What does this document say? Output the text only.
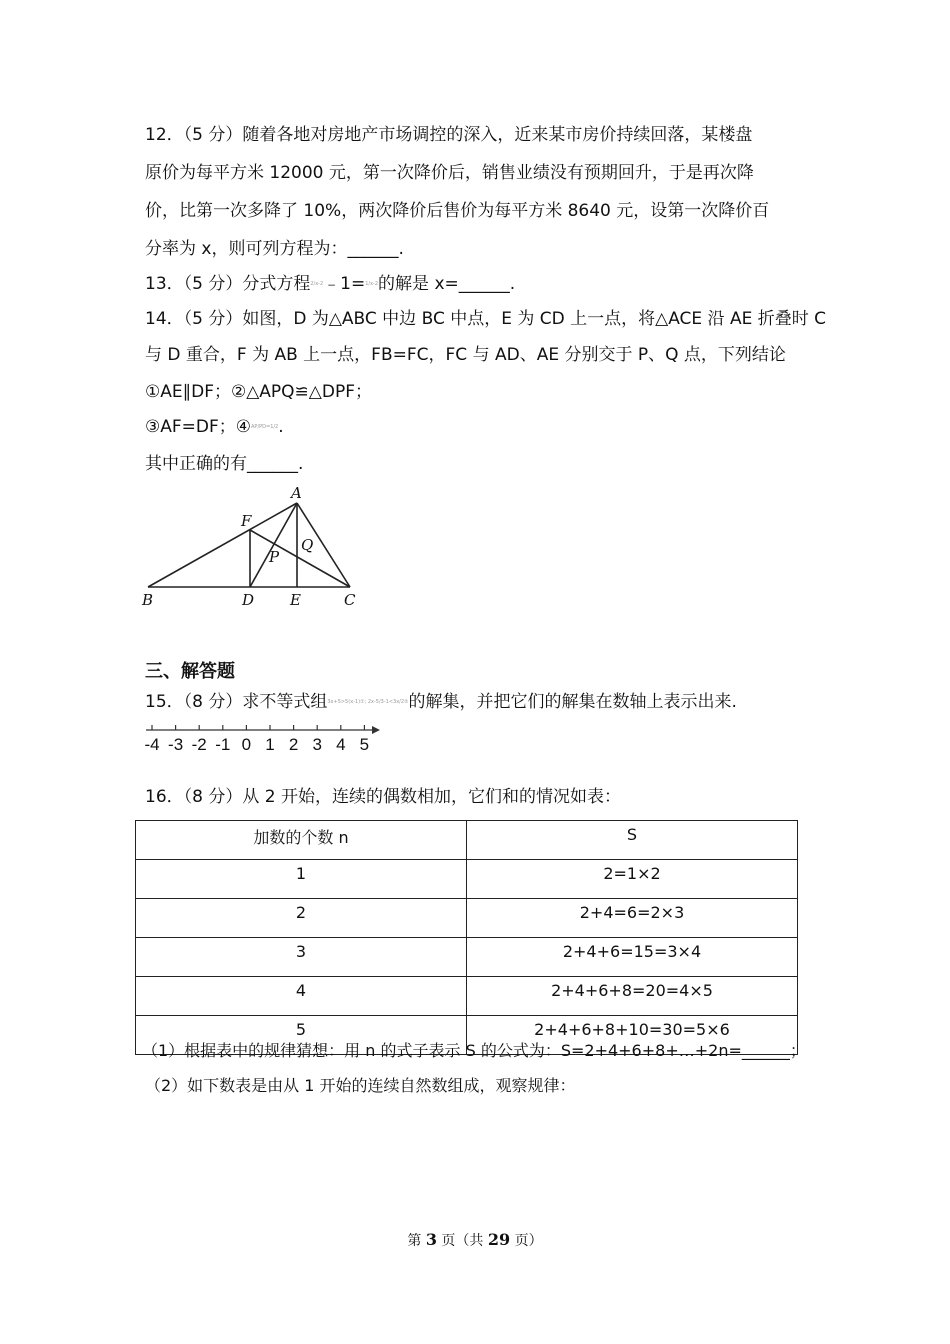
12．（5 分）随着各地对房地产市场调控的深入，近来某市房价持续回落，某楼盘
原价为每平方米 12000 元，第一次降价后，销售业绩没有预期回升，于是再次降
价，比第一次多降了 10%，两次降价后售价为每平方米 8640 元，设第一次降价百
分率为 x，则可列方程为：______.
13．（5 分）分式方程2/x-2﹣1=1/x-2的解是 x=______.
14．（5 分）如图，D 为△ABC 中边 BC 中点，E 为 CD 上一点，将△ACE 沿 AE 折叠时 C
与 D 重合，F 为 AB 上一点，FB=FC，FC 与 AD、AE 分别交于 P、Q 点，下列结论
①AE∥DF；②△APQ≌△DPF；
③AF=DF；④AP/PD=1/2.
其中正确的有______.
A
F
Q
P
B	D E	C
三、解答题
15．（8 分）求不等式组3x+5>5(x-1)①; 2x-5/3-1<3x/2②的解集，并把它们的解集在数轴上表示出来.
-4 -3 -2 -1 0 1 2 3 4 5
16．（8 分）从 2 开始，连续的偶数相加，它们和的情况如表：
加数的个数 n	S
1	2=1×2
2	2+4=6=2×3
3	2+4+6=15=3×4
4	2+4+6+8=20=4×5
5	2+4+6+8+10=30=5×6
（1）根据表中的规律猜想：用 n 的式子表示 S 的公式为：S=2+4+6+8+…+2n=______；
（2）如下数表是由从 1 开始的连续自然数组成，观察规律：
第 3 页（共 29 页）
